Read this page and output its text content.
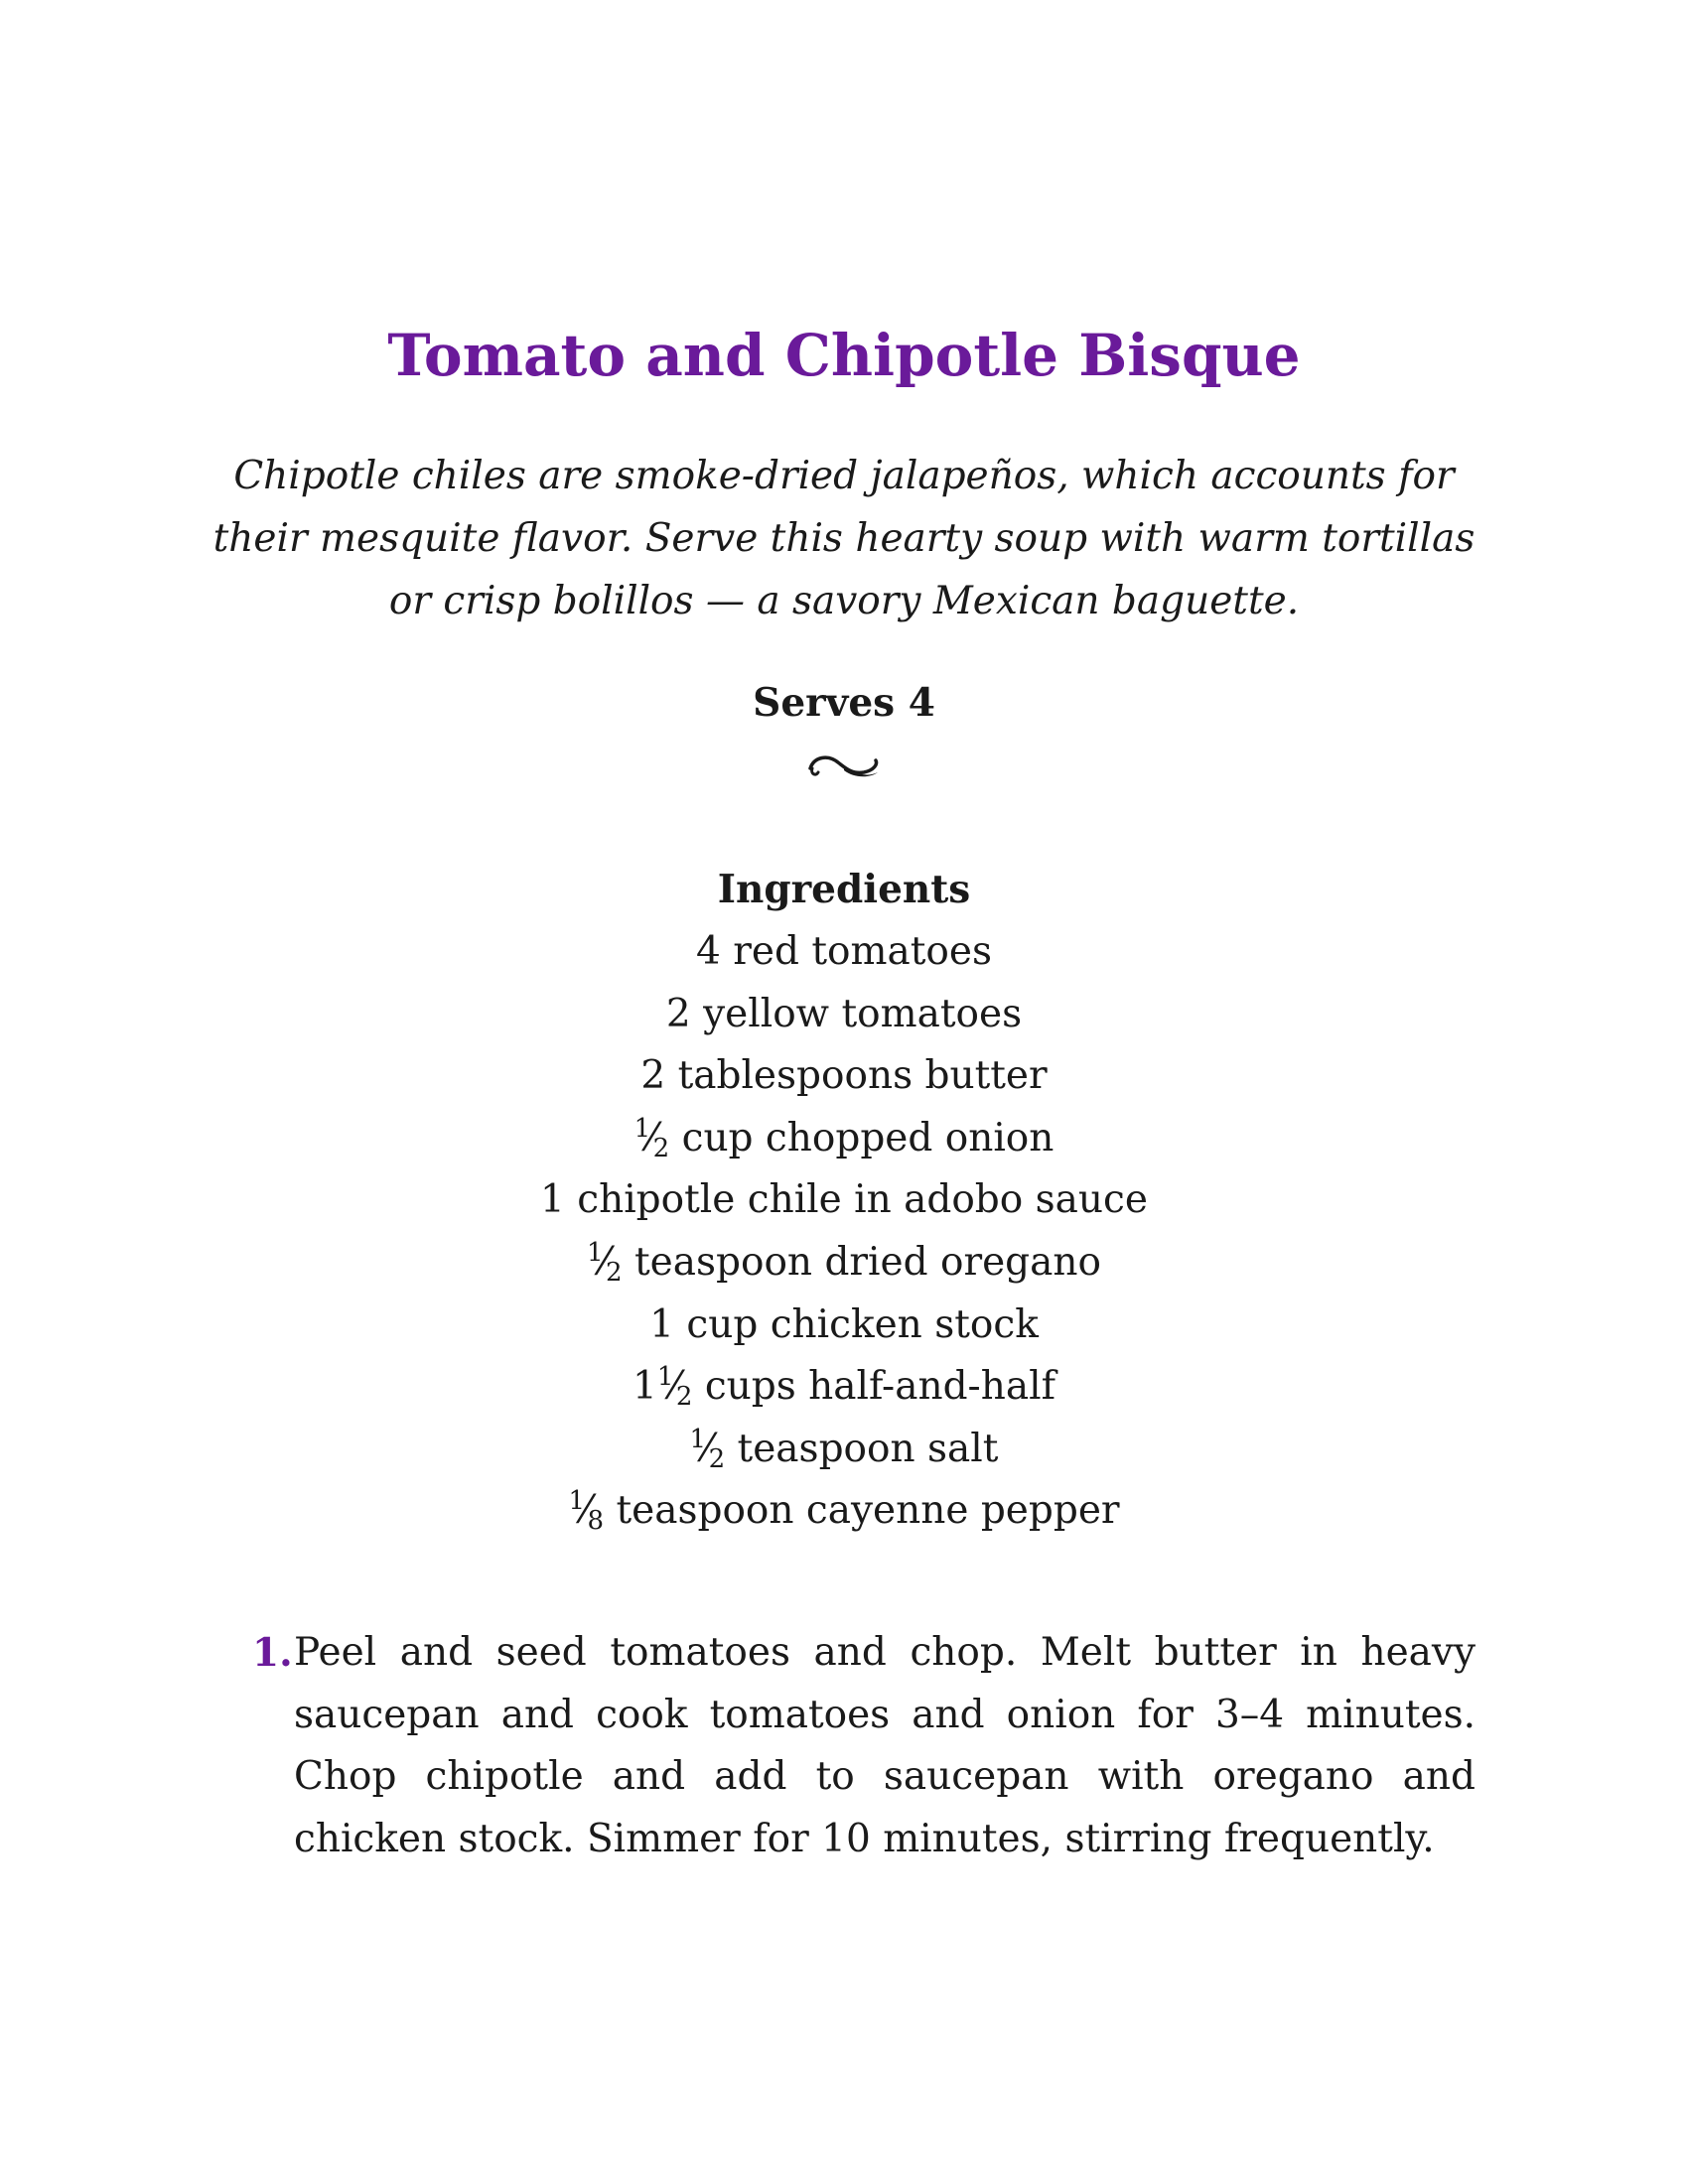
Tomato and Chipotle Bisque

Chipotle chiles are smoke-dried jalapeños, which accounts for their mesquite flavor. Serve this hearty soup with warm tortillas or crisp bolillos — a savory Mexican baguette.

Serves 4

Ingredients
4 red tomatoes
2 yellow tomatoes
2 tablespoons butter
$^1⁄_2$ cup chopped onion
1 chipotle chile in adobo sauce
$^1⁄_2$ teaspoon dried oregano
1 cup chicken stock
$1^1⁄_2$ cups half-and-half
$^1⁄_2$ teaspoon salt
$^1⁄_8$ teaspoon cayenne pepper
1. Peel and seed tomatoes and chop. Melt butter in heavy saucepan and cook tomatoes and onion for 3–4 minutes. Chop chipotle and add to saucepan with oregano and chicken stock. Simmer for 10 minutes, stirring frequently.
